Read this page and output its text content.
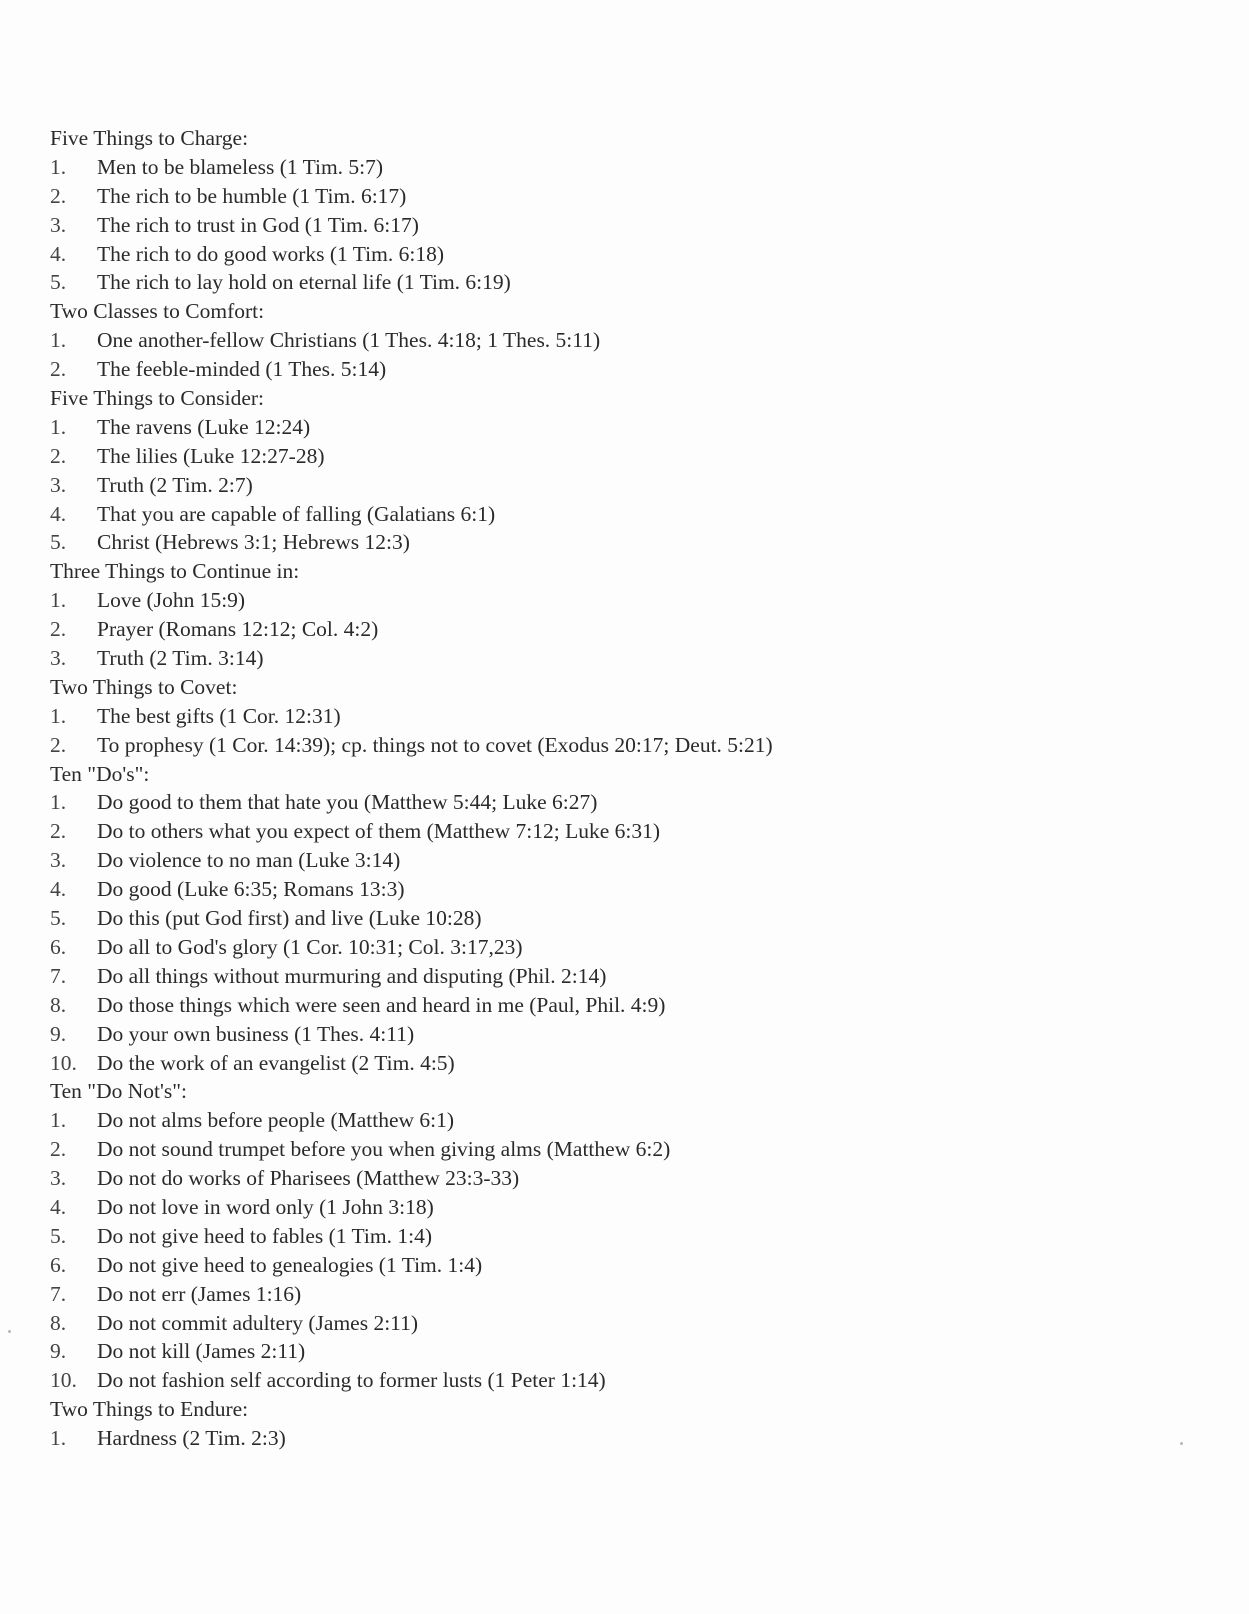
Five Things to Charge:
1. Men to be blameless (1 Tim. 5:7)
2. The rich to be humble (1 Tim. 6:17)
3. The rich to trust in God (1 Tim. 6:17)
4. The rich to do good works (1 Tim. 6:18)
5. The rich to lay hold on eternal life (1 Tim. 6:19)
Two Classes to Comfort:
1. One another-fellow Christians (1 Thes. 4:18; 1 Thes. 5:11)
2. The feeble-minded (1 Thes. 5:14)
Five Things to Consider:
1. The ravens (Luke 12:24)
2. The lilies (Luke 12:27-28)
3. Truth (2 Tim. 2:7)
4. That you are capable of falling (Galatians 6:1)
5. Christ (Hebrews 3:1; Hebrews 12:3)
Three Things to Continue in:
1. Love (John 15:9)
2. Prayer (Romans 12:12; Col. 4:2)
3. Truth (2 Tim. 3:14)
Two Things to Covet:
1. The best gifts (1 Cor. 12:31)
2. To prophesy (1 Cor. 14:39); cp. things not to covet (Exodus 20:17; Deut. 5:21)
Ten "Do's":
1. Do good to them that hate you (Matthew 5:44; Luke 6:27)
2. Do to others what you expect of them (Matthew 7:12; Luke 6:31)
3. Do violence to no man (Luke 3:14)
4. Do good (Luke 6:35; Romans 13:3)
5. Do this (put God first) and live (Luke 10:28)
6. Do all to God's glory (1 Cor. 10:31; Col. 3:17,23)
7. Do all things without murmuring and disputing (Phil. 2:14)
8. Do those things which were seen and heard in me (Paul, Phil. 4:9)
9. Do your own business (1 Thes. 4:11)
10. Do the work of an evangelist (2 Tim. 4:5)
Ten "Do Not's":
1. Do not alms before people (Matthew 6:1)
2. Do not sound trumpet before you when giving alms (Matthew 6:2)
3. Do not do works of Pharisees (Matthew 23:3-33)
4. Do not love in word only (1 John 3:18)
5. Do not give heed to fables (1 Tim. 1:4)
6. Do not give heed to genealogies (1 Tim. 1:4)
7. Do not err (James 1:16)
8. Do not commit adultery (James 2:11)
9. Do not kill (James 2:11)
10. Do not fashion self according to former lusts (1 Peter 1:14)
Two Things to Endure:
1. Hardness (2 Tim. 2:3)
